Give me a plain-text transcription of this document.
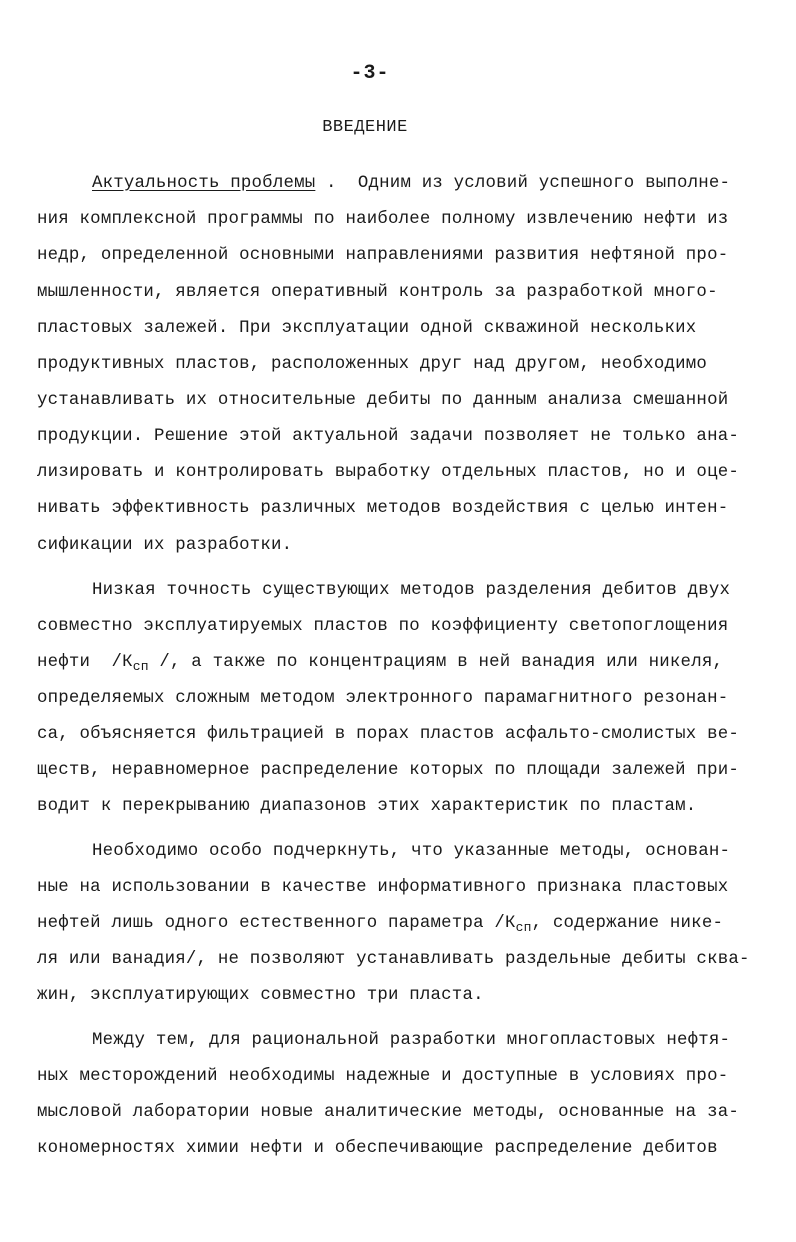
-3-
ВВЕДЕНИЕ
Актуальность проблемы .  Одним из условий успешного выполне-
ния комплексной программы по наиболее полному извлечению нефти из
недр, определенной основными направлениями развития нефтяной про-
мышленности, является оперативный контроль за разработкой много-
пластовых залежей. При эксплуатации одной скважиной нескольких
продуктивных пластов, расположенных друг над другом, необходимо
устанавливать их относительные дебиты по данным анализа смешанной
продукции. Решение этой актуальной задачи позволяет не только ана-
лизировать и контролировать выработку отдельных пластов, но и оце-
нивать эффективность различных методов воздействия с целью интен-
сификации их разработки.
Низкая точность существующих методов разделения дебитов двух
совместно эксплуатируемых пластов по коэффициенту светопоглощения
нефти  $/К_{сп}$ /, а также по концентрациям в ней ванадия или никеля,
определяемых сложным методом электронного парамагнитного резонан-
са, объясняется фильтрацией в порах пластов асфальто-смолистых ве-
ществ, неравномерное распределение которых по площади залежей при-
водит к перекрыванию диапазонов этих характеристик по пластам.
Необходимо особо подчеркнуть, что указанные методы, основан-
ные на использовании в качестве информативного признака пластовых
нефтей лишь одного естественного параметра $/К_{сп}$, содержание нике-
ля или ванадия/, не позволяют устанавливать раздельные дебиты сква-
жин, эксплуатирующих совместно три пласта.
Между тем, для рациональной разработки многопластовых нефтя-
ных месторождений необходимы надежные и доступные в условиях про-
мысловой лаборатории новые аналитические методы, основанные на за-
кономерностях химии нефти и обеспечивающие распределение дебитов
